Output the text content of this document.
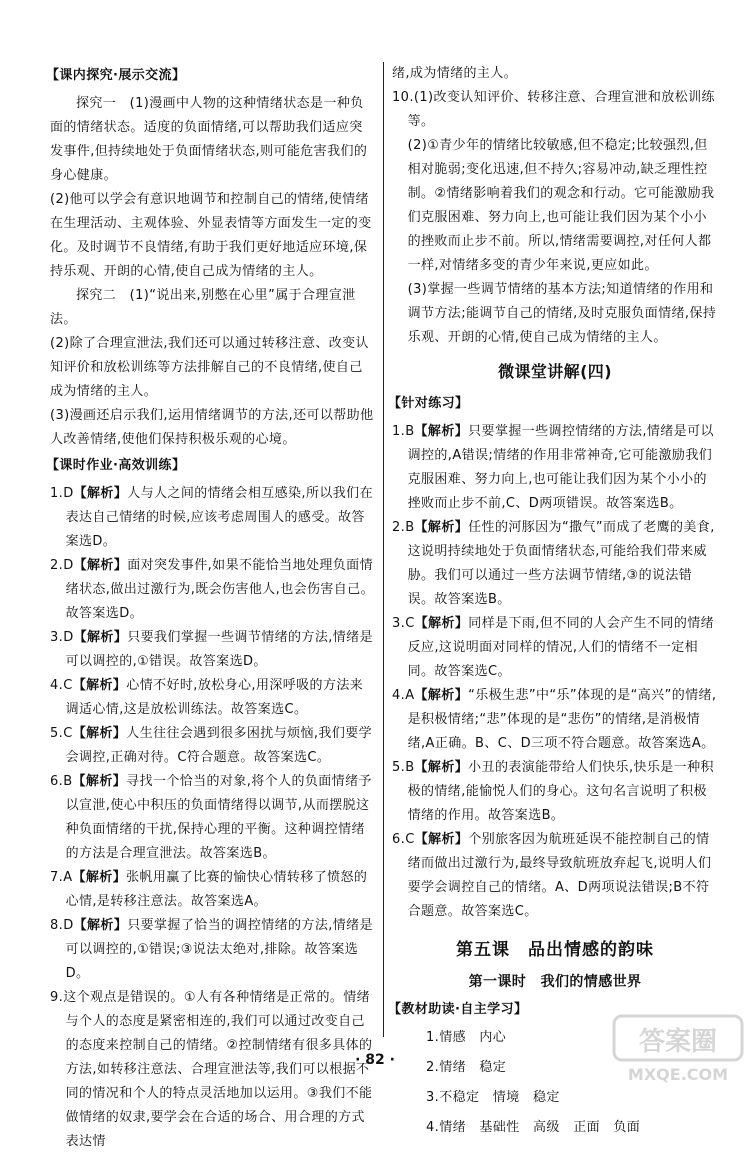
【课内探究·展示交流】

探究一　(1)漫画中人物的这种情绪状态是一种负面的情绪状态。适度的负面情绪,可以帮助我们适应突发事件,但持续地处于负面情绪状态,则可能危害我们的身心健康。

(2)他可以学会有意识地调节和控制自己的情绪,使情绪在生理活动、主观体验、外显表情等方面发生一定的变化。及时调节不良情绪,有助于我们更好地适应环境,保持乐观、开朗的心情,使自己成为情绪的主人。

探究二　(1)“说出来,别憋在心里”属于合理宣泄法。

(2)除了合理宣泄法,我们还可以通过转移注意、改变认知评价和放松训练等方法排解自己的不良情绪,使自己成为情绪的主人。

(3)漫画还启示我们,运用情绪调节的方法,还可以帮助他人改善情绪,使他们保持积极乐观的心境。

【课时作业·高效训练】

1.D【解析】人与人之间的情绪会相互感染,所以我们在表达自己情绪的时候,应该考虑周围人的感受。故答案选D。

2.D【解析】面对突发事件,如果不能恰当地处理负面情绪状态,做出过激行为,既会伤害他人,也会伤害自己。故答案选D。

3.D【解析】只要我们掌握一些调节情绪的方法,情绪是可以调控的,①错误。故答案选D。

4.C【解析】心情不好时,放松身心,用深呼吸的方法来调适心情,这是放松训练法。故答案选C。

5.C【解析】人生往往会遇到很多困扰与烦恼,我们要学会调控,正确对待。C符合题意。故答案选C。

6.B【解析】寻找一个恰当的对象,将个人的负面情绪予以宣泄,使心中积压的负面情绪得以调节,从而摆脱这种负面情绪的干扰,保持心理的平衡。这种调控情绪的方法是合理宣泄法。故答案选B。

7.A【解析】张帆用赢了比赛的愉快心情转移了愤怒的心情,是转移注意法。故答案选A。

8.D【解析】只要掌握了恰当的调控情绪的方法,情绪是可以调控的,①错误;③说法太绝对,排除。故答案选D。

9.这个观点是错误的。①人有各种情绪是正常的。情绪与个人的态度是紧密相连的,我们可以通过改变自己的态度来控制自己的情绪。②控制情绪有很多具体的方法,如转移注意法、合理宣泄法等,我们可以根据不同的情况和个人的特点灵活地加以运用。③我们不能做情绪的奴隶,要学会在合适的场合、用合理的方式表达情

绪,成为情绪的主人。

10.(1)改变认知评价、转移注意、合理宣泄和放松训练等。

(2)①青少年的情绪比较敏感,但不稳定;比较强烈,但相对脆弱;变化迅速,但不持久;容易冲动,缺乏理性控制。②情绪影响着我们的观念和行动。它可能激励我们克服困难、努力向上,也可能让我们因为某个小小的挫败而止步不前。所以,情绪需要调控,对任何人都一样,对情绪多变的青少年来说,更应如此。

(3)掌握一些调节情绪的基本方法;知道情绪的作用和调节方法;能调节自己的情绪,及时克服负面情绪,保持乐观、开朗的心情,使自己成为情绪的主人。

微课堂讲解(四)
【针对练习】

1.B【解析】只要掌握一些调控情绪的方法,情绪是可以调控的,A错误;情绪的作用非常神奇,它可能激励我们克服困难、努力向上,也可能让我们因为某个小小的挫败而止步不前,C、D两项错误。故答案选B。

2.B【解析】任性的河豚因为“撒气”而成了老鹰的美食,这说明持续地处于负面情绪状态,可能给我们带来威胁。我们可以通过一些方法调节情绪,③的说法错误。故答案选B。

3.C【解析】同样是下雨,但不同的人会产生不同的情绪反应,这说明面对同样的情况,人们的情绪不一定相同。故答案选C。

4.A【解析】“乐极生悲”中“乐”体现的是“高兴”的情绪,是积极情绪;“悲”体现的是“悲伤”的情绪,是消极情绪,A正确。B、C、D三项不符合题意。故答案选A。

5.B【解析】小丑的表演能带给人们快乐,快乐是一种积极的情绪,能愉悦人们的身心。这句名言说明了积极情绪的作用。故答案选B。

6.C【解析】个别旅客因为航班延误不能控制自己的情绪而做出过激行为,最终导致航班放弃起飞,说明人们要学会调控自己的情绪。A、D两项说法错误;B不符合题意。故答案选C。

第五课　品出情感的韵味
第一课时　我们的情感世界
【教材助读·自主学习】
1.情感　内心
2.情绪　稳定
3.不稳定　情境　稳定
4.情绪　基础性　高级　正面　负面
· 82 ·
答案圈
MXQE.COM
